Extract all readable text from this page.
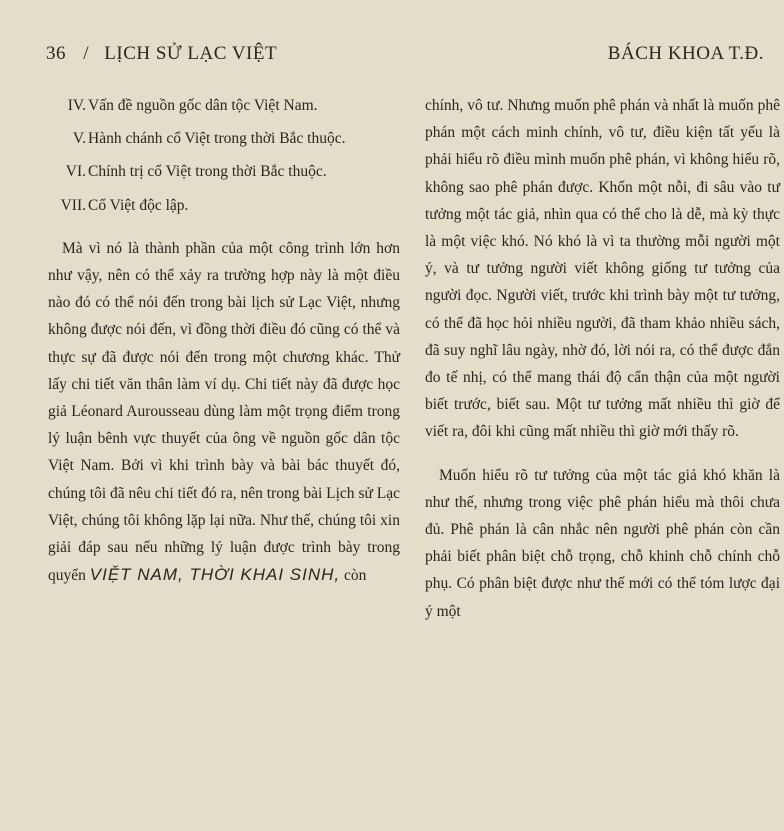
36 / LỊCH SỬ LẠC VIỆT	BÁCH KHOA T.Đ.
IV. Vấn đề nguồn gốc dân tộc Việt Nam.
V. Hành chánh cổ Việt trong thời Bắc thuộc.
VI. Chính trị cổ Việt trong thời Bắc thuộc.
VII. Cổ Việt độc lập.

Mà vì nó là thành phần của một công trình lớn hơn như vậy, nên có thể xảy ra trường hợp này là một điều nào đó có thể nói đến trong bài lịch sử Lạc Việt, nhưng không được nói đến, vì đồng thời điều đó cũng có thể và thực sự đã được nói đến trong một chương khác. Thử lấy chi tiết văn thân làm ví dụ. Chi tiết này đã được học giả Léonard Aurousseau dùng làm một trọng điểm trong lý luận bênh vực thuyết của ông về nguồn gốc dân tộc Việt Nam. Bởi vì khi trình bày và bài bác thuyết đó, chúng tôi đã nêu chi tiết đó ra, nên trong bài Lịch sử Lạc Việt, chúng tôi không lặp lại nữa. Như thế, chúng tôi xin giải đáp sau nếu những lý luận được trình bày trong quyển VIỆT NAM, THỜI KHAI SINH, còn

chính, vô tư. Nhưng muốn phê phán và nhất là muốn phê phán một cách minh chính, vô tư, điều kiện tất yếu là phải hiểu rõ điều mình muốn phê phán, vì không hiểu rõ, không sao phê phán được. Khốn một nỗi, đi sâu vào tư tưởng một tác giả, nhìn qua có thể cho là dễ, mà kỳ thực là một việc khó. Nó khó là vì ta thường mỗi người một ý, và tư tưởng người viết không giống tư tưởng của người đọc. Người viết, trước khi trình bày một tư tưởng, có thể đã học hỏi nhiều người, đã tham khảo nhiều sách, đã suy nghĩ lâu ngày, nhờ đó, lời nói ra, có thể được đắn đo tế nhị, có thể mang thái độ cẩn thận của một người biết trước, biết sau. Một tư tưởng mất nhiều thì giờ để viết ra, đôi khi cũng mất nhiều thì giờ mới thấy rõ.

Muốn hiểu rõ tư tưởng của một tác giả khó khăn là như thế, nhưng trong việc phê phán hiểu mà thôi chưa đủ. Phê phán là cân nhắc nên người phê phán còn cần phải biết phân biệt chỗ trọng, chỗ khinh chỗ chính chỗ phụ. Có phân biệt được như thế mới có thể tóm lược đại ý một
